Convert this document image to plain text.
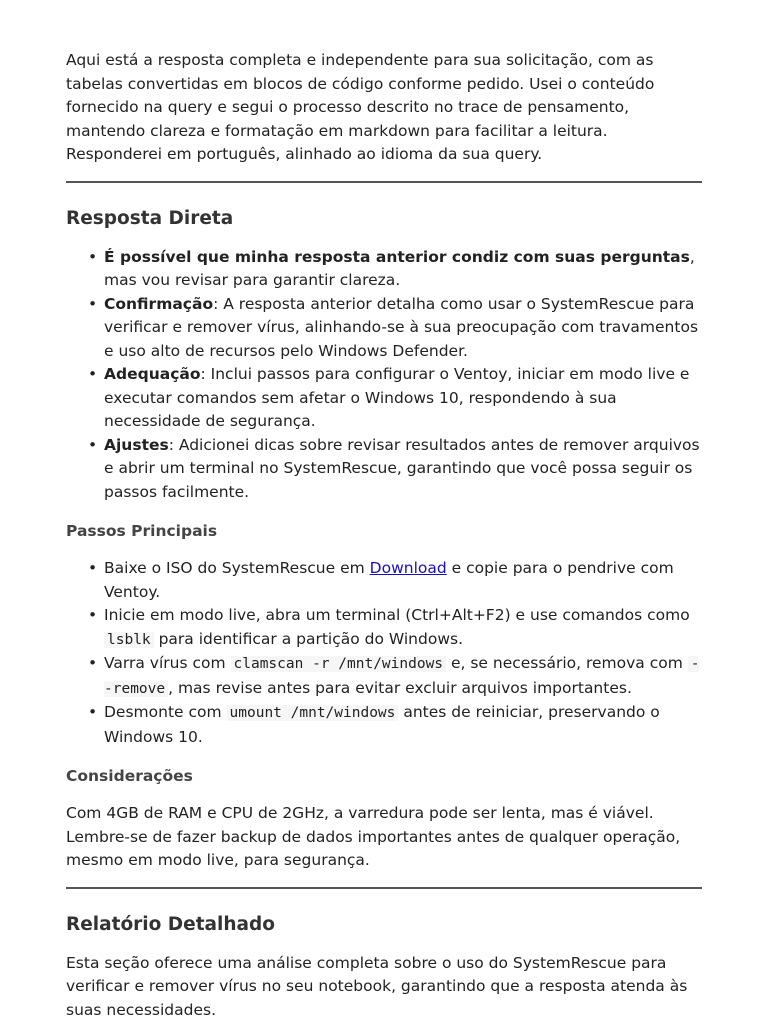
Aqui está a resposta completa e independente para sua solicitação, com as tabelas convertidas em blocos de código conforme pedido. Usei o conteúdo fornecido na query e segui o processo descrito no trace de pensamento, mantendo clareza e formatação em markdown para facilitar a leitura. Responderei em português, alinhado ao idioma da sua query.

Resposta Direta
• É possível que minha resposta anterior condiz com suas perguntas, mas vou revisar para garantir clareza.
• Confirmação: A resposta anterior detalha como usar o SystemRescue para verificar e remover vírus, alinhando-se à sua preocupação com travamentos e uso alto de recursos pelo Windows Defender.
• Adequação: Inclui passos para configurar o Ventoy, iniciar em modo live e executar comandos sem afetar o Windows 10, respondendo à sua necessidade de segurança.
• Ajustes: Adicionei dicas sobre revisar resultados antes de remover arquivos e abrir um terminal no SystemRescue, garantindo que você possa seguir os passos facilmente.
Passos Principais
• Baixe o ISO do SystemRescue em Download e copie para o pendrive com Ventoy.
• Inicie em modo live, abra um terminal (Ctrl+Alt+F2) e use comandos como lsblk para identificar a partição do Windows.
• Varra vírus com clamscan -r /mnt/windows e, se necessário, remova com --remove , mas revise antes para evitar excluir arquivos importantes.
• Desmonte com umount /mnt/windows antes de reiniciar, preservando o Windows 10.
Considerações

Com 4GB de RAM e CPU de 2GHz, a varredura pode ser lenta, mas é viável. Lembre-se de fazer backup de dados importantes antes de qualquer operação, mesmo em modo live, para segurança.

Relatório Detalhado

Esta seção oferece uma análise completa sobre o uso do SystemRescue para verificar e remover vírus no seu notebook, garantindo que a resposta atenda às suas necessidades.
